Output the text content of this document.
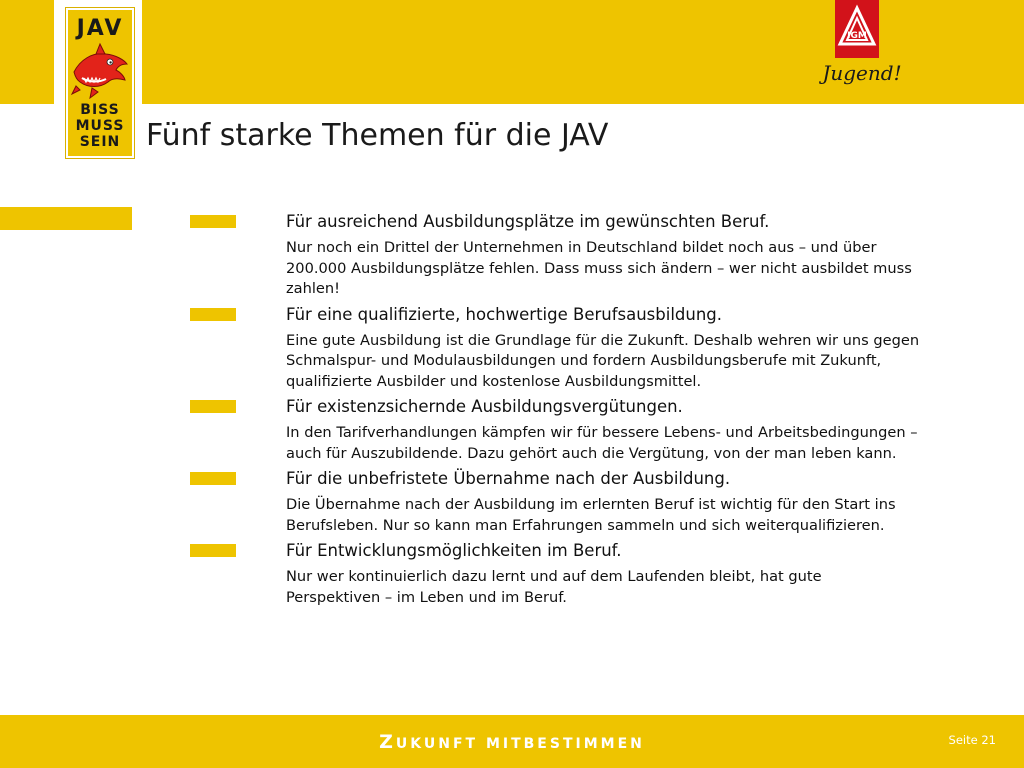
JAV
BISS
MUSS
SEIN
IGM
Jugend!
Fünf starke Themen für die JAV

Für ausreichend Ausbildungsplätze im gewünschten Beruf.

Nur noch ein Drittel der Unternehmen in Deutschland bildet noch aus – und über 200.000 Ausbildungsplätze fehlen. Dass muss sich ändern – wer nicht ausbildet muss zahlen!

Für eine qualifizierte, hochwertige Berufsausbildung.

Eine gute Ausbildung ist die Grundlage für die Zukunft. Deshalb wehren wir uns gegen Schmalspur- und Modulausbildungen und fordern Ausbildungsberufe mit Zukunft, qualifizierte Ausbilder und kostenlose Ausbildungsmittel.

Für existenzsichernde Ausbildungsvergütungen.

In den Tarifverhandlungen kämpfen wir für bessere Lebens- und Arbeitsbedingungen – auch für Auszubildende. Dazu gehört auch die Vergütung, von der man leben kann.

Für die unbefristete Übernahme nach der Ausbildung.

Die Übernahme nach der Ausbildung im erlernten Beruf ist wichtig für den Start ins Berufsleben. Nur so kann man Erfahrungen sammeln und sich weiterqualifizieren.

Für Entwicklungsmöglichkeiten im Beruf.

Nur wer kontinuierlich dazu lernt und auf dem Laufenden bleibt, hat gute Perspektiven – im Leben und im Beruf.

ZUKUNFT MITBESTIMMEN	Seite 21
